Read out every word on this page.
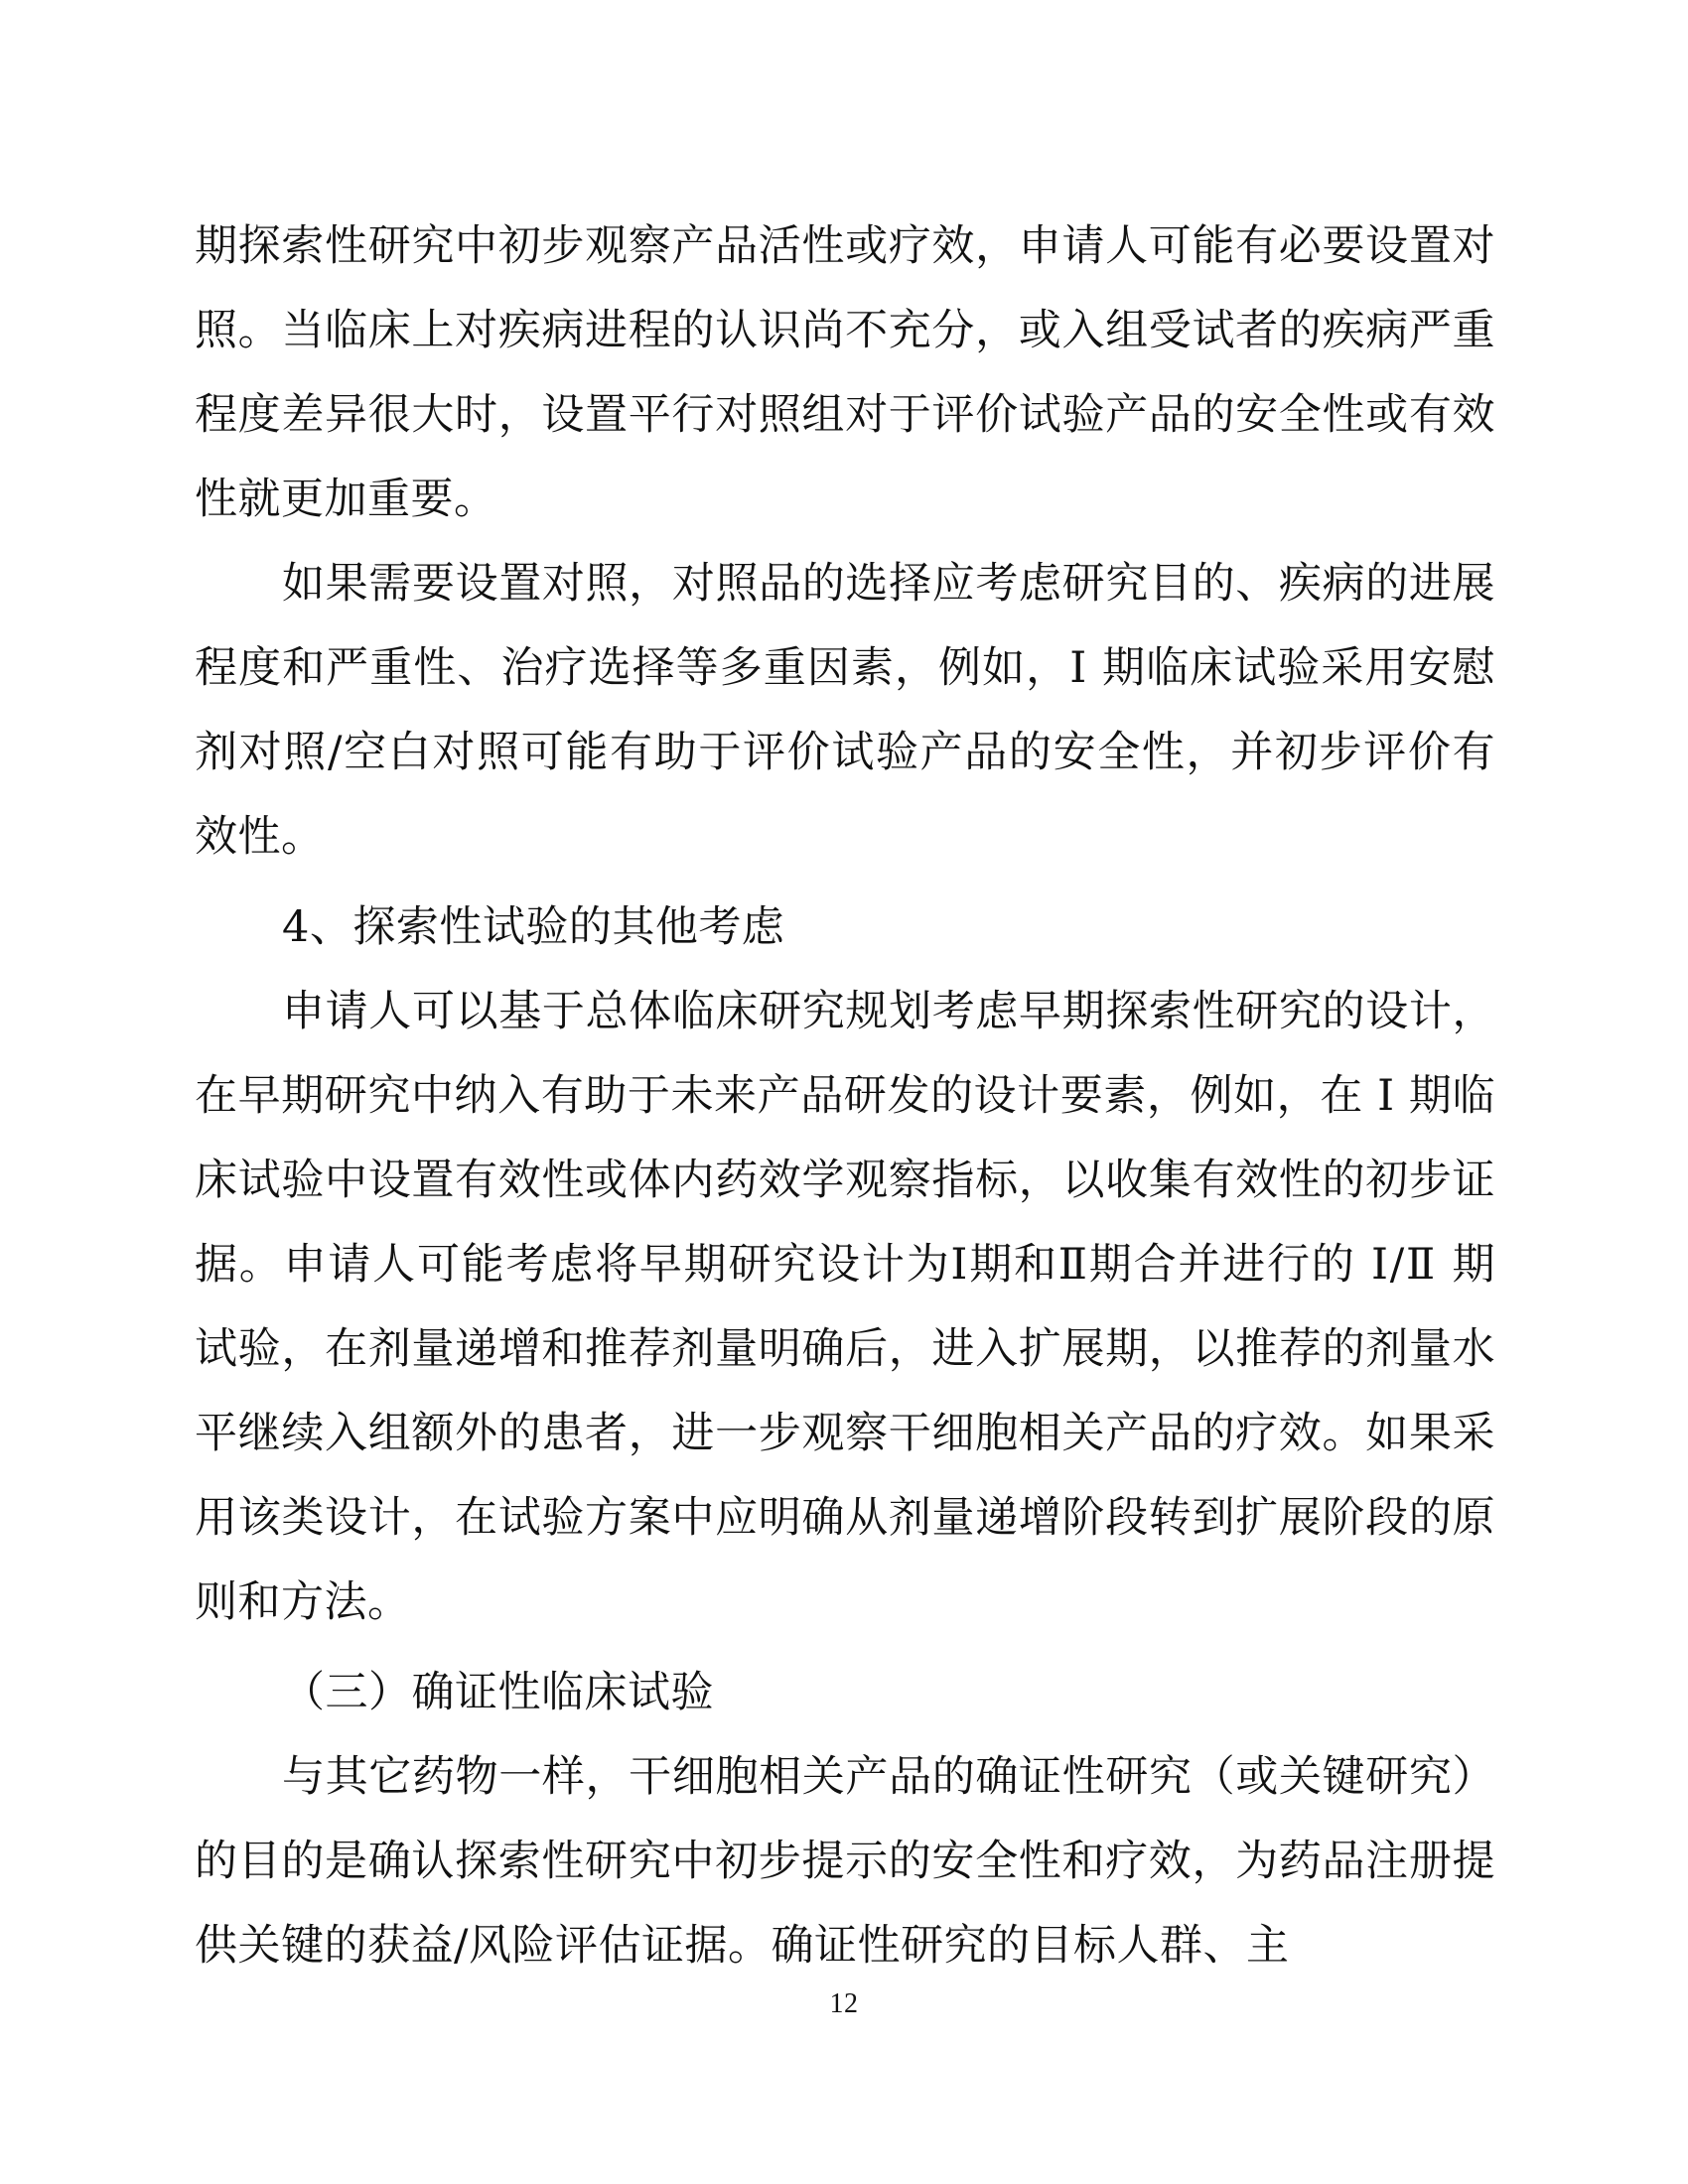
期探索性研究中初步观察产品活性或疗效，申请人可能有必要设置对照。当临床上对疾病进程的认识尚不充分，或入组受试者的疾病严重程度差异很大时，设置平行对照组对于评价试验产品的安全性或有效性就更加重要。

如果需要设置对照，对照品的选择应考虑研究目的、疾病的进展程度和严重性、治疗选择等多重因素，例如，Ⅰ 期临床试验采用安慰剂对照/空白对照可能有助于评价试验产品的安全性，并初步评价有效性。

4、探索性试验的其他考虑

申请人可以基于总体临床研究规划考虑早期探索性研究的设计，在早期研究中纳入有助于未来产品研发的设计要素，例如，在 Ⅰ 期临床试验中设置有效性或体内药效学观察指标，以收集有效性的初步证据。申请人可能考虑将早期研究设计为Ⅰ期和Ⅱ期合并进行的 Ⅰ/Ⅱ 期试验，在剂量递增和推荐剂量明确后，进入扩展期，以推荐的剂量水平继续入组额外的患者，进一步观察干细胞相关产品的疗效。如果采用该类设计，在试验方案中应明确从剂量递增阶段转到扩展阶段的原则和方法。

（三）确证性临床试验

与其它药物一样，干细胞相关产品的确证性研究（或关键研究）的目的是确认探索性研究中初步提示的安全性和疗效，为药品注册提供关键的获益/风险评估证据。确证性研究的目标人群、主

12
